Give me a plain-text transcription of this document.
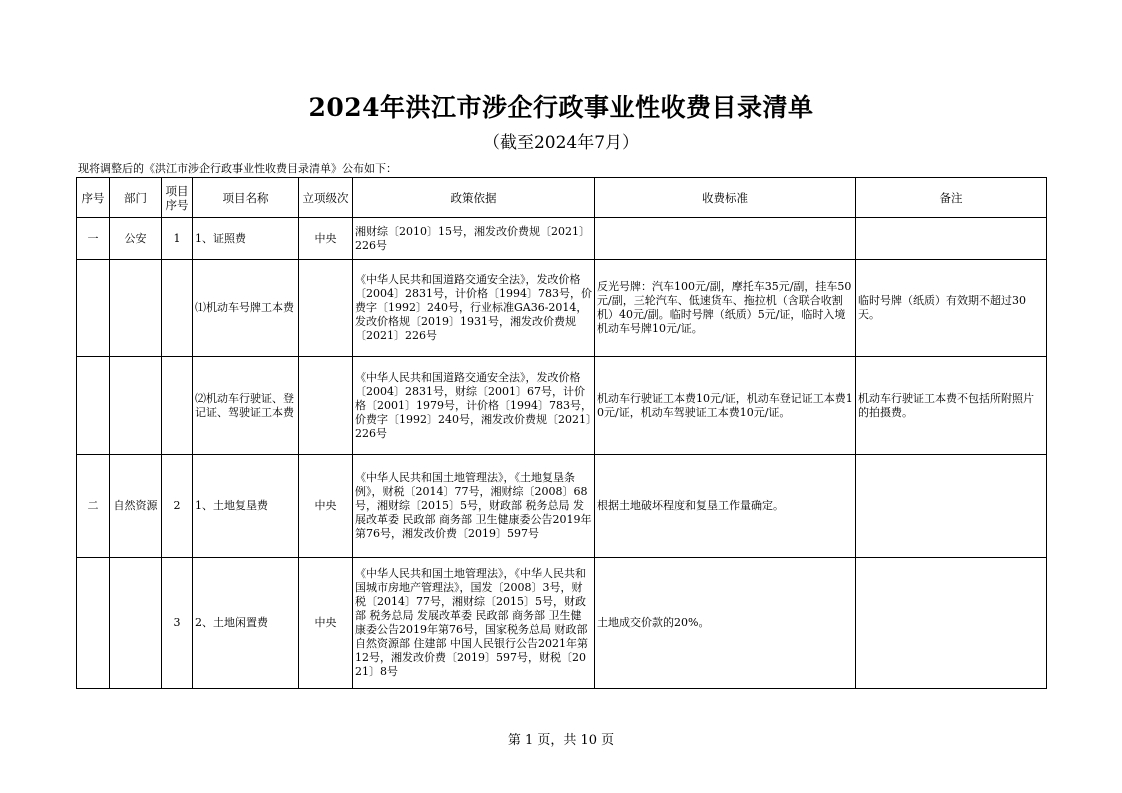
2024年洪江市涉企行政事业性收费目录清单
（截至2024年7月）
现将调整后的《洪江市涉企行政事业性收费目录清单》公布如下：
序号	部门	项目序号	项目名称	立项级次	政策依据	收费标准	备注
一	公安	1	1、证照费	中央	湘财综〔2010〕15号，湘发改价费规〔2021〕226号		
			⑴机动车号牌工本费		《中华人民共和国道路交通安全法》，发改价格〔2004〕2831号，计价格〔1994〕783号，价费字〔1992〕240号，行业标准GA36-2014，发改价格规〔2019〕1931号，湘发改价费规〔2021〕226号	反光号牌：汽车100元/副，摩托车35元/副，挂车50元/副，三轮汽车、低速货车、拖拉机（含联合收割机）40元/副。临时号牌（纸质）5元/证，临时入境机动车号牌10元/证。	临时号牌（纸质）有效期不超过30天。
			⑵机动车行驶证、登记证、驾驶证工本费		《中华人民共和国道路交通安全法》，发改价格〔2004〕2831号，财综〔2001〕67号，计价格〔2001〕1979号，计价格〔1994〕783号，价费字〔1992〕240号，湘发改价费规〔2021〕226号	机动车行驶证工本费10元/证，机动车登记证工本费10元/证，机动车驾驶证工本费10元/证。	机动车行驶证工本费不包括所附照片的拍摄费。
二	自然资源	2	1、土地复垦费	中央	《中华人民共和国土地管理法》，《土地复垦条例》，财税〔2014〕77号，湘财综〔2008〕68号，湘财综〔2015〕5号，财政部 税务总局 发展改革委 民政部 商务部 卫生健康委公告2019年第76号，湘发改价费〔2019〕597号	根据土地破坏程度和复垦工作量确定。	
		3	2、土地闲置费	中央	《中华人民共和国土地管理法》，《中华人民共和国城市房地产管理法》，国发〔2008〕3号，财税〔2014〕77号，湘财综〔2015〕5号，财政部 税务总局 发展改革委 民政部 商务部 卫生健康委公告2019年第76号，国家税务总局 财政部 自然资源部 住建部 中国人民银行公告2021年第12号，湘发改价费〔2019〕597号，财税〔2021〕8号	土地成交价款的20%。	
第 1 页，共 10 页
